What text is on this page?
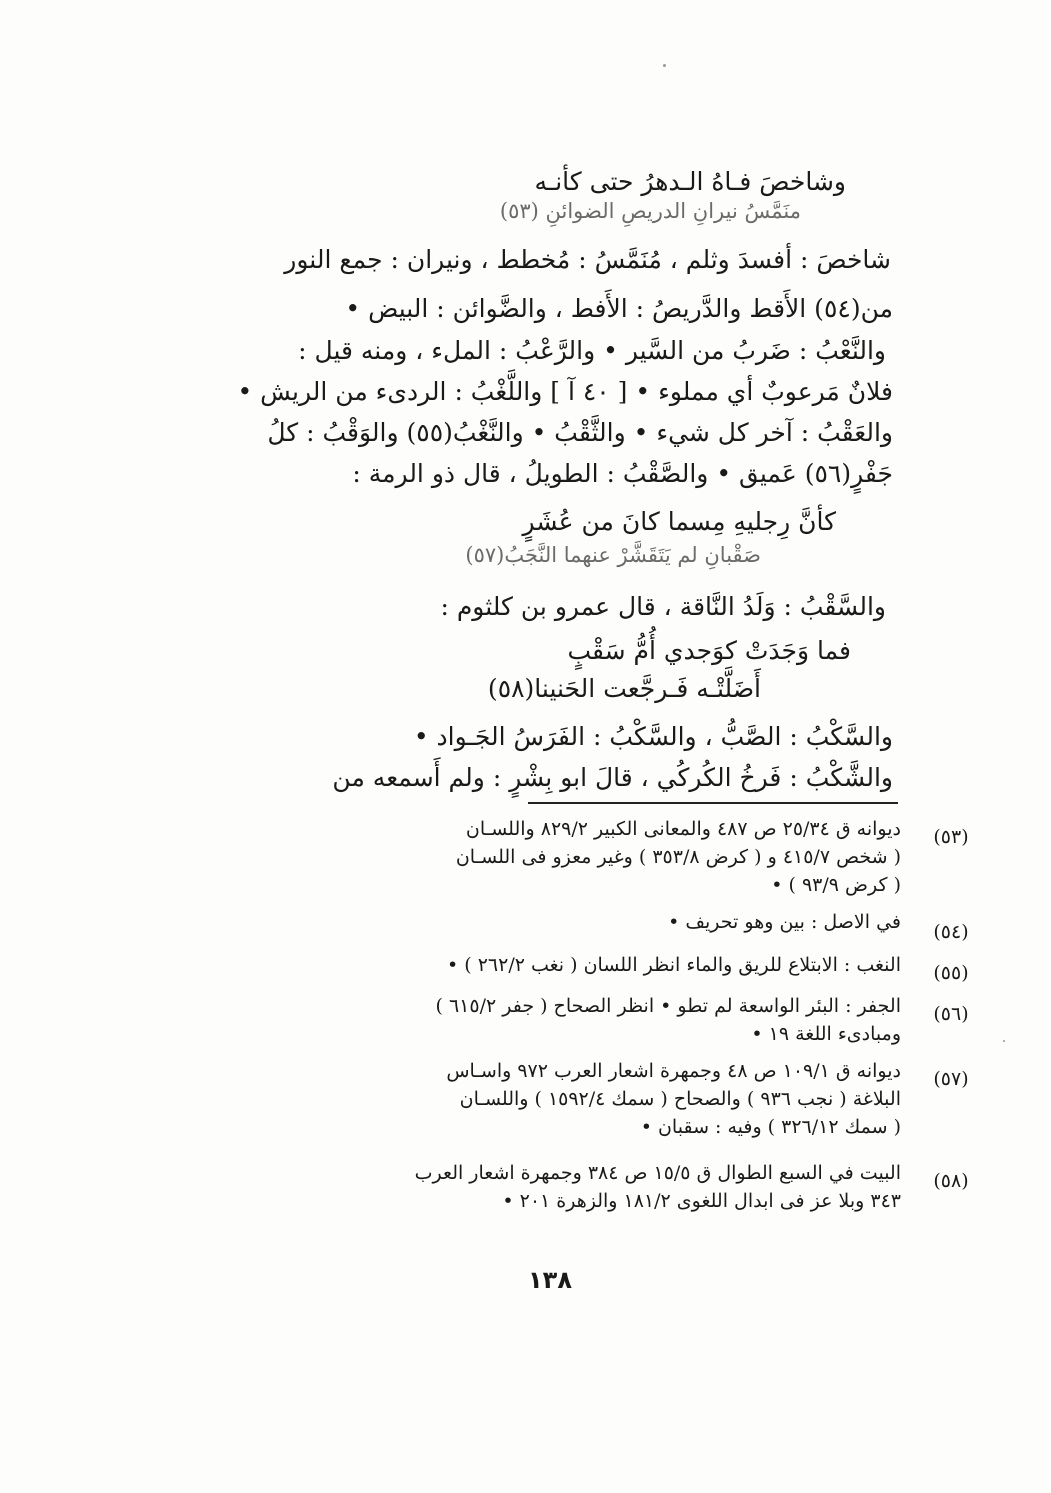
وشاخصَ فـاهُ الـدهرُ حتى كأنـه
منَمَّسُ نيرانِ الدريصِ الضوائنِ (٥٣)
شاخصَ : أفسدَ وثلم ، مُنَمَّسُ : مُخطط ، ونيران : جمع النور
من(٥٤) الأَقط والدَّريصُ : الأَفط ، والضَّوائن : البيض •
والنَّعْبُ : ضَربُ من السَّير • والرَّعْبُ : الملء ، ومنه قيل :
فلانٌ مَرعوبٌ أي مملوء • [ ٤٠ آ ] واللَّغْبُ : الردىء من الريش •
والعَقْبُ : آخر كل شيء • والثَّقْبُ • والنَّغْبُ(٥٥) والوَقْبُ : كلُ
جَفْرٍ(٥٦) عَميق • والصَّقْبُ : الطويلُ ، قال ذو الرمة :
كأنَّ رِجليهِ مِسما كانَ من عُشَرٍ
صَقْبانِ لم يَتَقَشَّرْ عنهما النَّجَبُ(٥٧)
والسَّقْبُ : وَلَدُ النَّاقة ، قال عمرو بن كلثوم :
فما وَجَدَتْ كوَجدي أُمُّ سَقْبٍ
أَضَلَّتْـه فَـرجَّعت الحَنينا(٥٨)
والسَّكْبُ : الصَّبُّ ، والسَّكْبُ : الفَرَسُ الجَـواد •
والشَّكْبُ : فَرخُ الكُركُي ، قالَ ابو بِشْرٍ : ولم أَسمعه من
(٥٣)
ديوانه ق ٢٥/٣٤ ص ٤٨٧ والمعانى الكبير ٨٢٩/٢ واللسـان
( شخص ٤١٥/٧ و ( كرض ٣٥٣/٨ ) وغير معزو فى اللسـان
( كرض ٩٣/٩ ) •
(٥٤)
في الاصل : بين وهو تحريف •
(٥٥)
النغب : الابتلاع للريق والماء انظر اللسان ( نغب ٢٦٢/٢ ) •
(٥٦)
الجفر : البئر الواسعة لم تطو • انظر الصحاح ( جفر ٦١٥/٢ )
ومبادىء اللغة ١٩ •
(٥٧)
ديوانه ق ١٠٩/١ ص ٤٨ وجمهرة اشعار العرب ٩٧٢ واسـاس
البلاغة ( نجب ٩٣٦ ) والصحاح ( سمك ١٥٩٢/٤ ) واللسـان
( سمك ٣٢٦/١٢ ) وفيه : سقبان •
(٥٨)
البيت في السبع الطوال ق ١٥/٥ ص ٣٨٤ وجمهرة اشعار العرب
٣٤٣ وبلا عز فى ابدال اللغوى ١٨١/٢ والزهرة ٢٠١ •
١٣٨
